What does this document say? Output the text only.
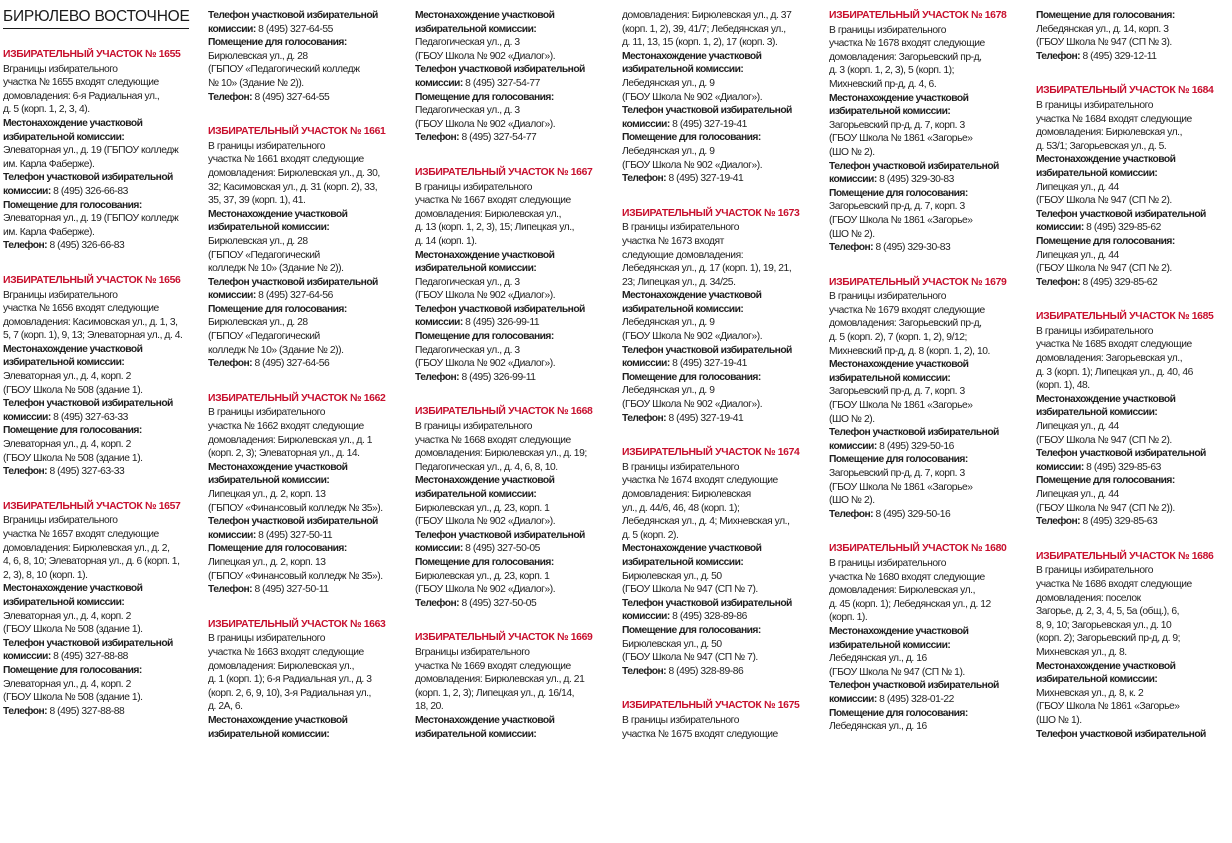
БИРЮЛЕВО ВОСТОЧНОЕ

ИЗБИРАТЕЛЬНЫЙ УЧАСТОК № 1655

Вграницы избирательного

участка № 1655 входят следующие

домовладения: 6-я Радиальная ул.,

д. 5 (корп. 1, 2, 3, 4).

Местонахождение участковой

избирательной комиссии:

Элеваторная ул., д. 19 (ГБПОУ колледж

им. Карла Фаберже).

Телефон участковой избирательной

комиссии: 8 (495) 326-66-83

Помещение для голосования:

Элеваторная ул., д. 19 (ГБПОУ колледж

им. Карла Фаберже).

Телефон: 8 (495) 326-66-83

ИЗБИРАТЕЛЬНЫЙ УЧАСТОК № 1656

Вграницы избирательного

участка № 1656 входят следующие

домовладения: Касимовская ул., д. 1, 3,

5, 7 (корп. 1), 9, 13; Элеваторная ул., д. 4.

Местонахождение участковой

избирательной комиссии:

Элеваторная ул., д. 4, корп. 2

(ГБОУ Школа № 508 (здание 1).

Телефон участковой избирательной

комиссии: 8 (495) 327-63-33

Помещение для голосования:

Элеваторная ул., д. 4, корп. 2

(ГБОУ Школа № 508 (здание 1).

Телефон: 8 (495) 327-63-33

ИЗБИРАТЕЛЬНЫЙ УЧАСТОК № 1657

Вграницы избирательного

участка № 1657 входят следующие

домовладения: Бирюлевская ул., д. 2,

4, 6, 8, 10; Элеваторная ул., д. 6 (корп. 1,

2, 3), 8, 10 (корп. 1).

Местонахождение участковой

избирательной комиссии:

Элеваторная ул., д. 4, корп. 2

(ГБОУ Школа № 508 (здание 1).

Телефон участковой избирательной

комиссии: 8 (495) 327-88-88

Помещение для голосования:

Элеваторная ул., д. 4, корп. 2

(ГБОУ Школа № 508 (здание 1).

Телефон: 8 (495) 327-88-88

Телефон участковой избирательной

комиссии: 8 (495) 327-64-55

Помещение для голосования:

Бирюлевская ул., д. 28

(ГБПОУ «Педагогический колледж

№ 10» (Здание № 2)).

Телефон: 8 (495) 327-64-55

ИЗБИРАТЕЛЬНЫЙ УЧАСТОК № 1661

В границы избирательного

участка № 1661 входят следующие

домовладения: Бирюлевская ул., д. 30,

32; Касимовская ул., д. 31 (корп. 2), 33,

35, 37, 39 (корп. 1), 41.

Местонахождение участковой

избирательной комиссии:

Бирюлевская ул., д. 28

(ГБПОУ «Педагогический

колледж № 10» (Здание № 2)).

Телефон участковой избирательной

комиссии: 8 (495) 327-64-56

Помещение для голосования:

Бирюлевская ул., д. 28

(ГБПОУ «Педагогический

колледж № 10» (Здание № 2)).

Телефон: 8 (495) 327-64-56

ИЗБИРАТЕЛЬНЫЙ УЧАСТОК № 1662

В границы избирательного

участка № 1662 входят следующие

домовладения: Бирюлевская ул., д. 1

(корп. 2, 3); Элеваторная ул., д. 14.

Местонахождение участковой

избирательной комиссии:

Липецкая ул., д. 2, корп. 13

(ГБПОУ «Финансовый колледж № 35»).

Телефон участковой избирательной

комиссии: 8 (495) 327-50-11

Помещение для голосования:

Липецкая ул., д. 2, корп. 13

(ГБПОУ «Финансовый колледж № 35»).

Телефон: 8 (495) 327-50-11

ИЗБИРАТЕЛЬНЫЙ УЧАСТОК № 1663

В границы избирательного

участка № 1663 входят следующие

домовладения: Бирюлевская ул.,

д. 1 (корп. 1); 6-я Радиальная ул., д. 3

(корп. 2, 6, 9, 10), 3-я Радиальная ул.,

д. 2А, 6.

Местонахождение участковой

избирательной комиссии:

Местонахождение участковой

избирательной комиссии:

Педагогическая ул., д. 3

(ГБОУ Школа № 902 «Диалог»).

Телефон участковой избирательной

комиссии: 8 (495) 327-54-77

Помещение для голосования:

Педагогическая ул., д. 3

(ГБОУ Школа № 902 «Диалог»).

Телефон: 8 (495) 327-54-77

ИЗБИРАТЕЛЬНЫЙ УЧАСТОК № 1667

В границы избирательного

участка № 1667 входят следующие

домовладения: Бирюлевская ул.,

д. 13 (корп. 1, 2, 3), 15; Липецкая ул.,

д. 14 (корп. 1).

Местонахождение участковой

избирательной комиссии:

Педагогическая ул., д. 3

(ГБОУ Школа № 902 «Диалог»).

Телефон участковой избирательной

комиссии: 8 (495) 326-99-11

Помещение для голосования:

Педагогическая ул., д. 3

(ГБОУ Школа № 902 «Диалог»).

Телефон: 8 (495) 326-99-11

ИЗБИРАТЕЛЬНЫЙ УЧАСТОК № 1668

В границы избирательного

участка № 1668 входят следующие

домовладения: Бирюлевская ул., д. 19;

Педагогическая ул., д. 4, 6, 8, 10.

Местонахождение участковой

избирательной комиссии:

Бирюлевская ул., д. 23, корп. 1

(ГБОУ Школа № 902 «Диалог»).

Телефон участковой избирательной

комиссии: 8 (495) 327-50-05

Помещение для голосования:

Бирюлевская ул., д. 23, корп. 1

(ГБОУ Школа № 902 «Диалог»).

Телефон: 8 (495) 327-50-05

ИЗБИРАТЕЛЬНЫЙ УЧАСТОК № 1669

Вграницы избирательного

участка № 1669 входят следующие

домовладения: Бирюлевская ул., д. 21

(корп. 1, 2, 3); Липецкая ул., д. 16/14,

18, 20.

Местонахождение участковой

избирательной комиссии:

домовладения: Бирюлевская ул., д. 37

(корп. 1, 2), 39, 41/7; Лебедянская ул.,

д. 11, 13, 15 (корп. 1, 2), 17 (корп. 3).

Местонахождение участковой

избирательной комиссии:

Лебедянская ул., д. 9

(ГБОУ Школа № 902 «Диалог»).

Телефон участковой избирательной

комиссии: 8 (495) 327-19-41

Помещение для голосования:

Лебедянская ул., д. 9

(ГБОУ Школа № 902 «Диалог»).

Телефон: 8 (495) 327-19-41

ИЗБИРАТЕЛЬНЫЙ УЧАСТОК № 1673

В границы избирательного

участка № 1673 входят

следующие домовладения:

Лебедянская ул., д. 17 (корп. 1), 19, 21,

23; Липецкая ул., д. 34/25.

Местонахождение участковой

избирательной комиссии:

Лебедянская ул., д. 9

(ГБОУ Школа № 902 «Диалог»).

Телефон участковой избирательной

комиссии: 8 (495) 327-19-41

Помещение для голосования:

Лебедянская ул., д. 9

(ГБОУ Школа № 902 «Диалог»).

Телефон: 8 (495) 327-19-41

ИЗБИРАТЕЛЬНЫЙ УЧАСТОК № 1674

В границы избирательного

участка № 1674 входят следующие

домовладения: Бирюлевская

ул., д. 44/6, 46, 48 (корп. 1);

Лебедянская ул., д. 4; Михневская ул.,

д. 5 (корп. 2).

Местонахождение участковой

избирательной комиссии:

Бирюлевская ул., д. 50

(ГБОУ Школа № 947 (СП № 7).

Телефон участковой избирательной

комиссии: 8 (495) 328-89-86

Помещение для голосования:

Бирюлевская ул., д. 50

(ГБОУ Школа № 947 (СП № 7).

Телефон: 8 (495) 328-89-86

ИЗБИРАТЕЛЬНЫЙ УЧАСТОК № 1675

В границы избирательного

участка № 1675 входят следующие

ИЗБИРАТЕЛЬНЫЙ УЧАСТОК № 1678

В границы избирательного

участка № 1678 входят следующие

домовладения: Загорьевский пр-д,

д. 3 (корп. 1, 2, 3), 5 (корп. 1);

Михневский пр-д, д. 4, 6.

Местонахождение участковой

избирательной комиссии:

Загорьевский пр-д, д. 7, корп. 3

(ГБОУ Школа № 1861 «Загорье»

(ШО № 2).

Телефон участковой избирательной

комиссии: 8 (495) 329-30-83

Помещение для голосования:

Загорьевский пр-д, д. 7, корп. 3

(ГБОУ Школа № 1861 «Загорье»

(ШО № 2).

Телефон: 8 (495) 329-30-83

ИЗБИРАТЕЛЬНЫЙ УЧАСТОК № 1679

В границы избирательного

участка № 1679 входят следующие

домовладения: Загорьевский пр-д,

д. 5 (корп. 2), 7 (корп. 1, 2), 9/12;

Михневский пр-д, д. 8 (корп. 1, 2), 10.

Местонахождение участковой

избирательной комиссии:

Загорьевский пр-д, д. 7, корп. 3

(ГБОУ Школа № 1861 «Загорье»

(ШО № 2).

Телефон участковой избирательной

комиссии: 8 (495) 329-50-16

Помещение для голосования:

Загорьевский пр-д, д. 7, корп. 3

(ГБОУ Школа № 1861 «Загорье»

(ШО № 2).

Телефон: 8 (495) 329-50-16

ИЗБИРАТЕЛЬНЫЙ УЧАСТОК № 1680

В границы избирательного

участка № 1680 входят следующие

домовладения: Бирюлевская ул.,

д. 45 (корп. 1); Лебедянская ул., д. 12

(корп. 1).

Местонахождение участковой

избирательной комиссии:

Лебедянская ул., д. 16

(ГБОУ Школа № 947 (СП № 1).

Телефон участковой избирательной

комиссии: 8 (495) 328-01-22

Помещение для голосования:

Лебедянская ул., д. 16

Помещение для голосования:

Лебедянская ул., д. 14, корп. 3

(ГБОУ Школа № 947 (СП № 3).

Телефон: 8 (495) 329-12-11

ИЗБИРАТЕЛЬНЫЙ УЧАСТОК № 1684

В границы избирательного

участка № 1684 входят следующие

домовладения: Бирюлевская ул.,

д. 53/1; Загорьевская ул., д. 5.

Местонахождение участковой

избирательной комиссии:

Липецкая ул., д. 44

(ГБОУ Школа № 947 (СП № 2).

Телефон участковой избирательной

комиссии: 8 (495) 329-85-62

Помещение для голосования:

Липецкая ул., д. 44

(ГБОУ Школа № 947 (СП № 2).

Телефон: 8 (495) 329-85-62

ИЗБИРАТЕЛЬНЫЙ УЧАСТОК № 1685

В границы избирательного

участка № 1685 входят следующие

домовладения: Загорьевская ул.,

д. 3 (корп. 1); Липецкая ул., д. 40, 46

(корп. 1), 48.

Местонахождение участковой

избирательной комиссии:

Липецкая ул., д. 44

(ГБОУ Школа № 947 (СП № 2).

Телефон участковой избирательной

комиссии: 8 (495) 329-85-63

Помещение для голосования:

Липецкая ул., д. 44

(ГБОУ Школа № 947 (СП № 2)).

Телефон: 8 (495) 329-85-63

ИЗБИРАТЕЛЬНЫЙ УЧАСТОК № 1686

В границы избирательного

участка № 1686 входят следующие

домовладения: поселок

Загорье, д. 2, 3, 4, 5, 5а (общ.), 6,

8, 9, 10; Загорьевская ул., д. 10

(корп. 2); Загорьевский пр-д, д. 9;

Михневская ул., д. 8.

Местонахождение участковой

избирательной комиссии:

Михневская ул., д. 8, к. 2

(ГБОУ Школа № 1861 «Загорье»

(ШО № 1).

Телефон участковой избирательной
